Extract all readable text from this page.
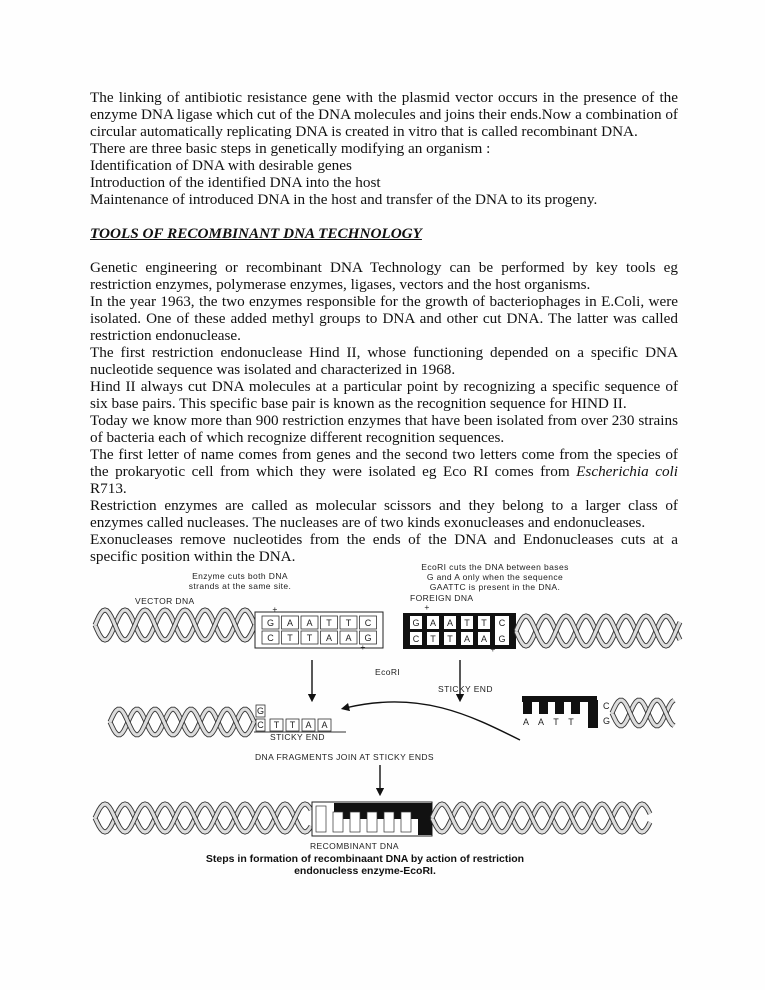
The linking of antibiotic resistance gene with the plasmid vector occurs in the presence of the enzyme DNA ligase which cut of the DNA molecules and joins their ends.Now a combination of circular automatically replicating DNA is created in vitro that is called recombinant DNA.

There are three basic steps in genetically modifying an organism :

Identification of DNA with desirable genes

Introduction of the identified DNA into the host

Maintenance of introduced DNA in the host and transfer of the DNA to its progeny.

TOOLS OF RECOMBINANT DNA TECHNOLOGY

Genetic engineering or recombinant DNA Technology can be performed by key tools eg restriction enzymes, polymerase enzymes, ligases, vectors and the host organisms.

In the year 1963, the two enzymes responsible for the growth of bacteriophages in E.Coli, were isolated. One of these added methyl groups to DNA and other cut DNA. The latter was called restriction endonuclease.

The first restriction endonuclease Hind II, whose functioning depended on a specific DNA nucleotide sequence was isolated and characterized in 1968.

Hind II always cut DNA molecules at a particular point by recognizing a specific sequence of six base pairs. This specific base pair is known as the recognition sequence for HIND II.

Today we know more than 900 restriction enzymes that have been isolated from over 230 strains of bacteria each of which recognize different recognition sequences.

The first letter of name comes from genes and the second two letters come from the species of the prokaryotic cell from which they were isolated eg Eco RI comes from Escherichia coli R713.

Restriction enzymes are called as molecular scissors and they belong to a larger class of enzymes called nucleases. The nucleases are of two kinds exonucleases and endonucleases.

Exonucleases remove nucleotides from the ends of the DNA and Endonucleases cuts at a specific position within the DNA.

Enzyme cuts both DNA
strands at the same site.
EcoRI cuts the DNA between bases
G and A only when the sequence
GAATTC is present in the DNA.
VECTOR DNA	FOREIGN DNA
G A A T T C
C T T A A G
+
+
G A A T T
C T T A A
C
G
+
+
EcoRI
G
C T T A A
STICKY END
STICKY END
A A T T
C
G
DNA FRAGMENTS JOIN AT STICKY ENDS
RECOMBINANT DNA
Steps in formation of recombinaant DNA by action of restriction
endonucless enzyme-EcoRI.
